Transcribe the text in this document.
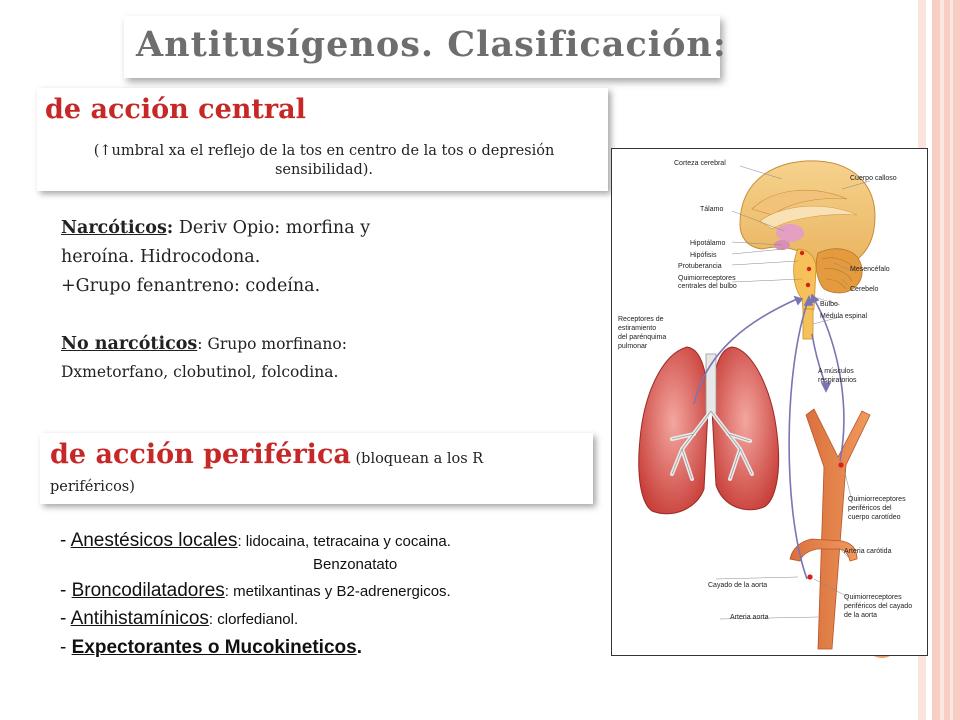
Antitusígenos. Clasificación:
de acción central
(↑umbral xa el reflejo de la tos en centro de la tos o depresión sensibilidad).
Narcóticos: Deriv Opio: morfina y
heroína. Hidrocodona.
+Grupo fenantreno: codeína.
No narcóticos: Grupo morfinano:
Dxmetorfano, clobutinol, folcodina.
de acción periférica (bloquean a los R
periféricos)
- Anestésicos locales: lidocaina, tetracaina y cocaina.
Benzonatato
- Broncodilatadores: metilxantinas y B2-adrenergicos.
- Antihistamínicos: clorfedianol.
- Expectorantes o Mucokineticos.
Corteza cerebral
Cuerpo calloso
Tálamo
Hipotálamo
Hipófisis
Protuberancia
Quimiorreceptores
centrales del bulbo
Mesencéfalo
Cerebelo
Bulbo
Médula espinal
Receptores de
estiramiento
del parénquima
pulmonar
A músculos
respiratorios
Quimiorreceptores
periféricos del
cuerpo carotídeo
Arteria carótida
Cayado de la aorta
Arteria aorta
Quimiorreceptores
periféricos del cayado
de la aorta
